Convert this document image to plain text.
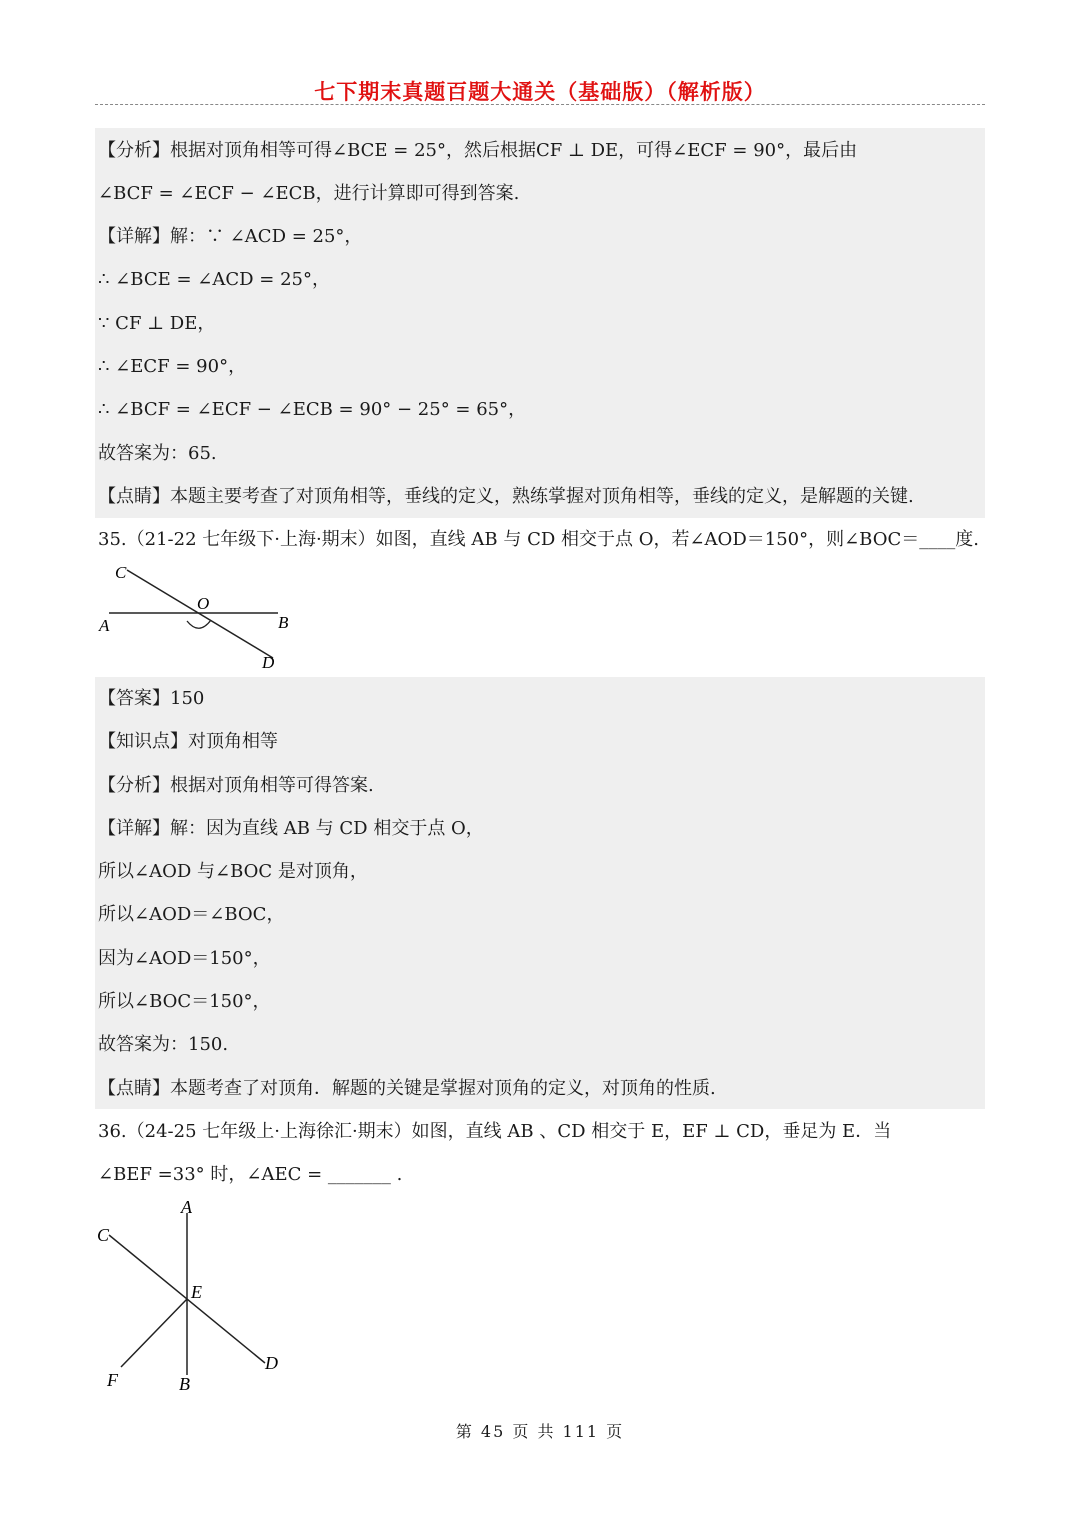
七下期末真题百题大通关（基础版）（解析版）
【分析】根据对顶角相等可得∠BCE = 25°，然后根据CF ⊥ DE，可得∠ECF = 90°，最后由
∠BCF = ∠ECF − ∠ECB，进行计算即可得到答案.
【详解】解：∵ ∠ACD = 25°，
∴ ∠BCE = ∠ACD = 25°，
∵ CF ⊥ DE，
∴ ∠ECF = 90°，
∴ ∠BCF = ∠ECF − ∠ECB = 90° − 25° = 65°，
故答案为：65.
【点睛】本题主要考查了对顶角相等，垂线的定义，熟练掌握对顶角相等，垂线的定义，是解题的关键.
35.（21-22 七年级下·上海·期末）如图，直线 AB 与 CD 相交于点 O，若∠AOD＝150°，则∠BOC＝____度.
C
O
A	B
D
【答案】150
【知识点】对顶角相等
【分析】根据对顶角相等可得答案.
【详解】解：因为直线 AB 与 CD 相交于点 O，
所以∠AOD 与∠BOC 是对顶角，
所以∠AOD＝∠BOC，
因为∠AOD＝150°，
所以∠BOC＝150°，
故答案为：150.
【点睛】本题考查了对顶角．解题的关键是掌握对顶角的定义，对顶角的性质.
36.（24-25 七年级上·上海徐汇·期末）如图，直线 AB 、CD 相交于 E，EF ⊥ CD，垂足为 E．当
∠BEF =33° 时，∠AEC = _______ .
A
C
E
D
F	B
第 45 页 共 111 页
